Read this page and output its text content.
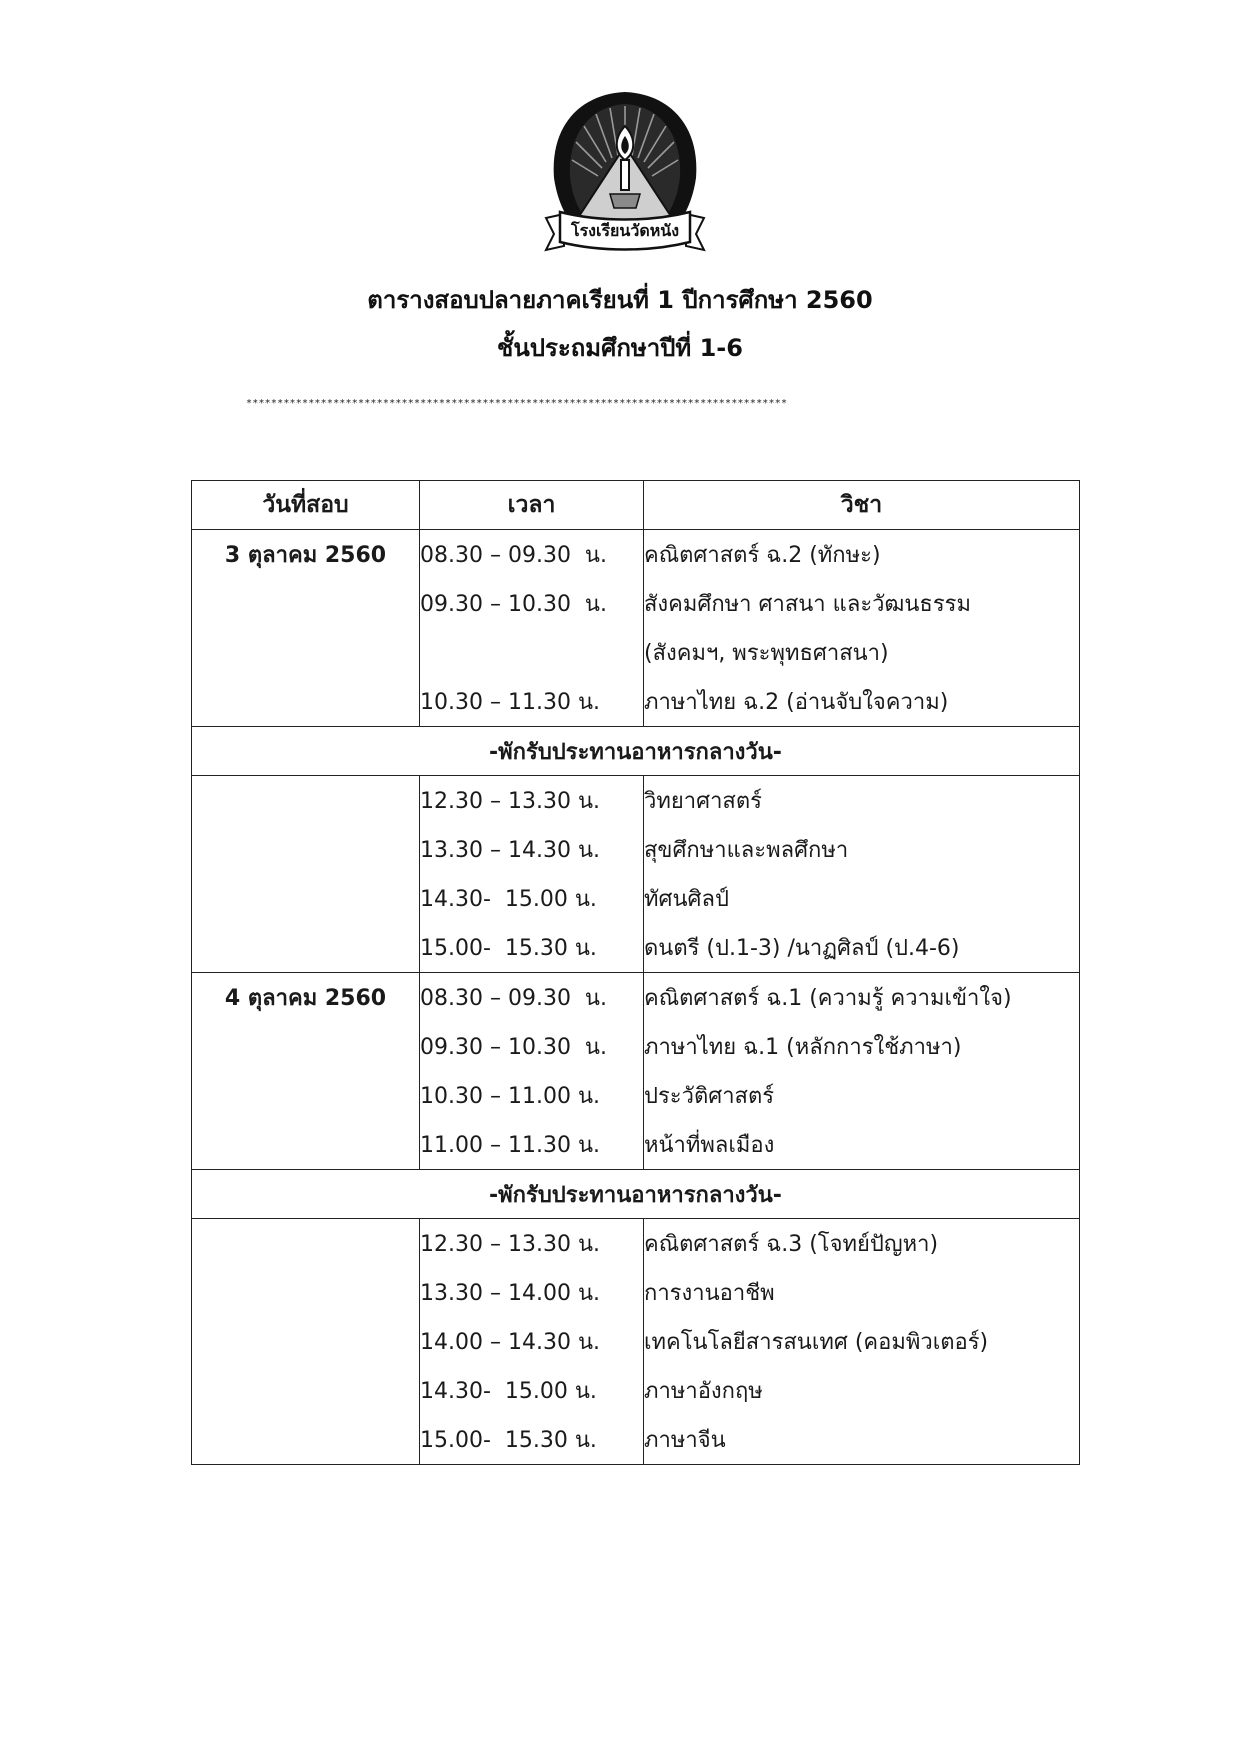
โรงเรียนวัดหนัง
ตารางสอบปลายภาคเรียนที่ 1 ปีการศึกษา 2560
ชั้นประถมศึกษาปีที่ 1-6
***************************************************************************************
วันที่สอบ	เวลา	วิชา
3 ตุลาคม 2560	08.30 – 09.30  น.	คณิตศาสตร์ ฉ.2 (ทักษะ)
	09.30 – 10.30  น.	สังคมศึกษา ศาสนา และวัฒนธรรม
		(สังคมฯ, พระพุทธศาสนา)
	10.30 – 11.30 น.	ภาษาไทย ฉ.2 (อ่านจับใจความ)
-พักรับประทานอาหารกลางวัน-		
	12.30 – 13.30 น.	วิทยาศาสตร์
	13.30 – 14.30 น.	สุขศึกษาและพลศึกษา
	14.30-  15.00 น.	ทัศนศิลป์
	15.00-  15.30 น.	ดนตรี (ป.1-3) /นาฏศิลป์ (ป.4-6)
4 ตุลาคม 2560	08.30 – 09.30  น.	คณิตศาสตร์ ฉ.1 (ความรู้ ความเข้าใจ)
	09.30 – 10.30  น.	ภาษาไทย ฉ.1 (หลักการใช้ภาษา)
	10.30 – 11.00 น.	ประวัติศาสตร์
	11.00 – 11.30 น.	หน้าที่พลเมือง
-พักรับประทานอาหารกลางวัน-		
	12.30 – 13.30 น.	คณิตศาสตร์ ฉ.3 (โจทย์ปัญหา)
	13.30 – 14.00 น.	การงานอาชีพ
	14.00 – 14.30 น.	เทคโนโลยีสารสนเทศ (คอมพิวเตอร์)
	14.30-  15.00 น.	ภาษาอังกฤษ
	15.00-  15.30 น.	ภาษาจีน
